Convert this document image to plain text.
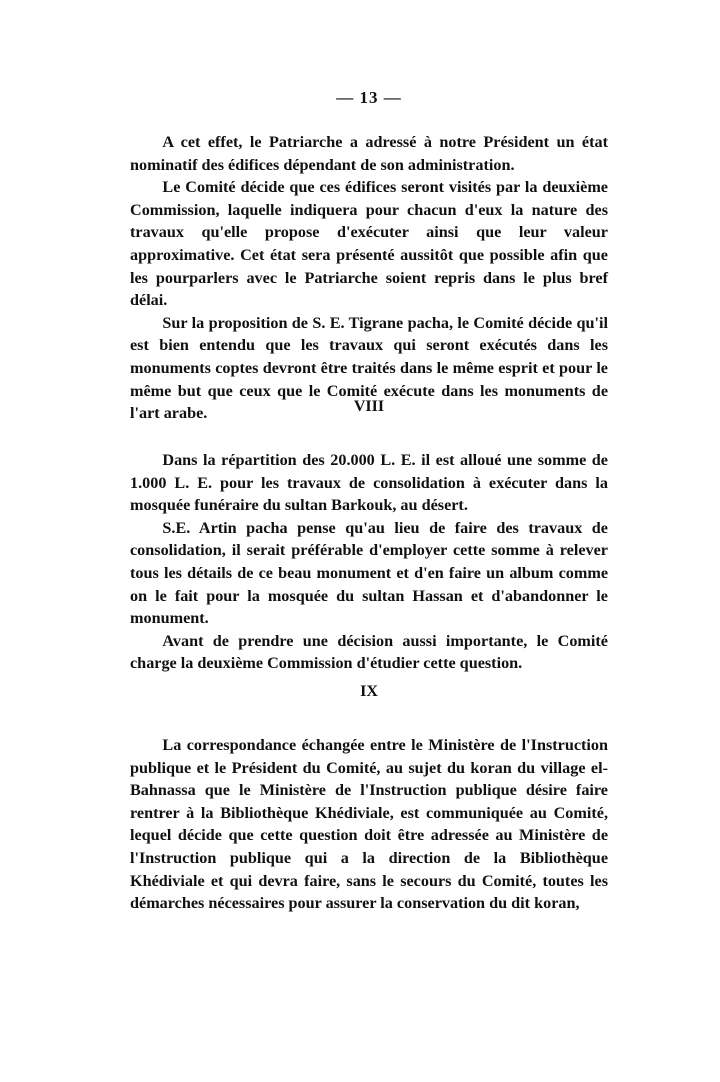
— 13 —

A cet effet, le Patriarche a adressé à notre Président un état nominatif des édifices dépendant de son administration.

Le Comité décide que ces édifices seront visités par la deuxième Commission, laquelle indiquera pour chacun d'eux la nature des travaux qu'elle propose d'exécuter ainsi que leur valeur approximative. Cet état sera présenté aussitôt que possible afin que les pourparlers avec le Patriarche soient repris dans le plus bref délai.

Sur la proposition de S. E. Tigrane pacha, le Comité décide qu'il est bien entendu que les travaux qui seront exécutés dans les monuments coptes devront être traités dans le même esprit et pour le même but que ceux que le Comité exécute dans les monuments de l'art arabe.	VIII

Dans la répartition des 20.000 L. E. il est alloué une somme de 1.000 L. E. pour les travaux de consolidation à exécuter dans la mosquée funéraire du sultan Barkouk, au désert.

S.E. Artin pacha pense qu'au lieu de faire des travaux de consolidation, il serait préférable d'employer cette somme à relever tous les détails de ce beau monument et d'en faire un album comme on le fait pour la mosquée du sultan Hassan et d'abandonner le monument.

Avant de prendre une décision aussi importante, le Comité charge la deuxième Commission d'étudier cette question.

IX

La correspondance échangée entre le Ministère de l'Instruction publique et le Président du Comité, au sujet du koran du village el-Bahnassa que le Ministère de l'Instruction publique désire faire rentrer à la Bibliothèque Khédiviale, est communiquée au Comité, lequel décide que cette question doit être adressée au Ministère de l'Instruction publique qui a la direction de la Bibliothèque Khédiviale et qui devra faire, sans le secours du Comité, toutes les démarches nécessaires pour assurer la conservation du dit koran,
